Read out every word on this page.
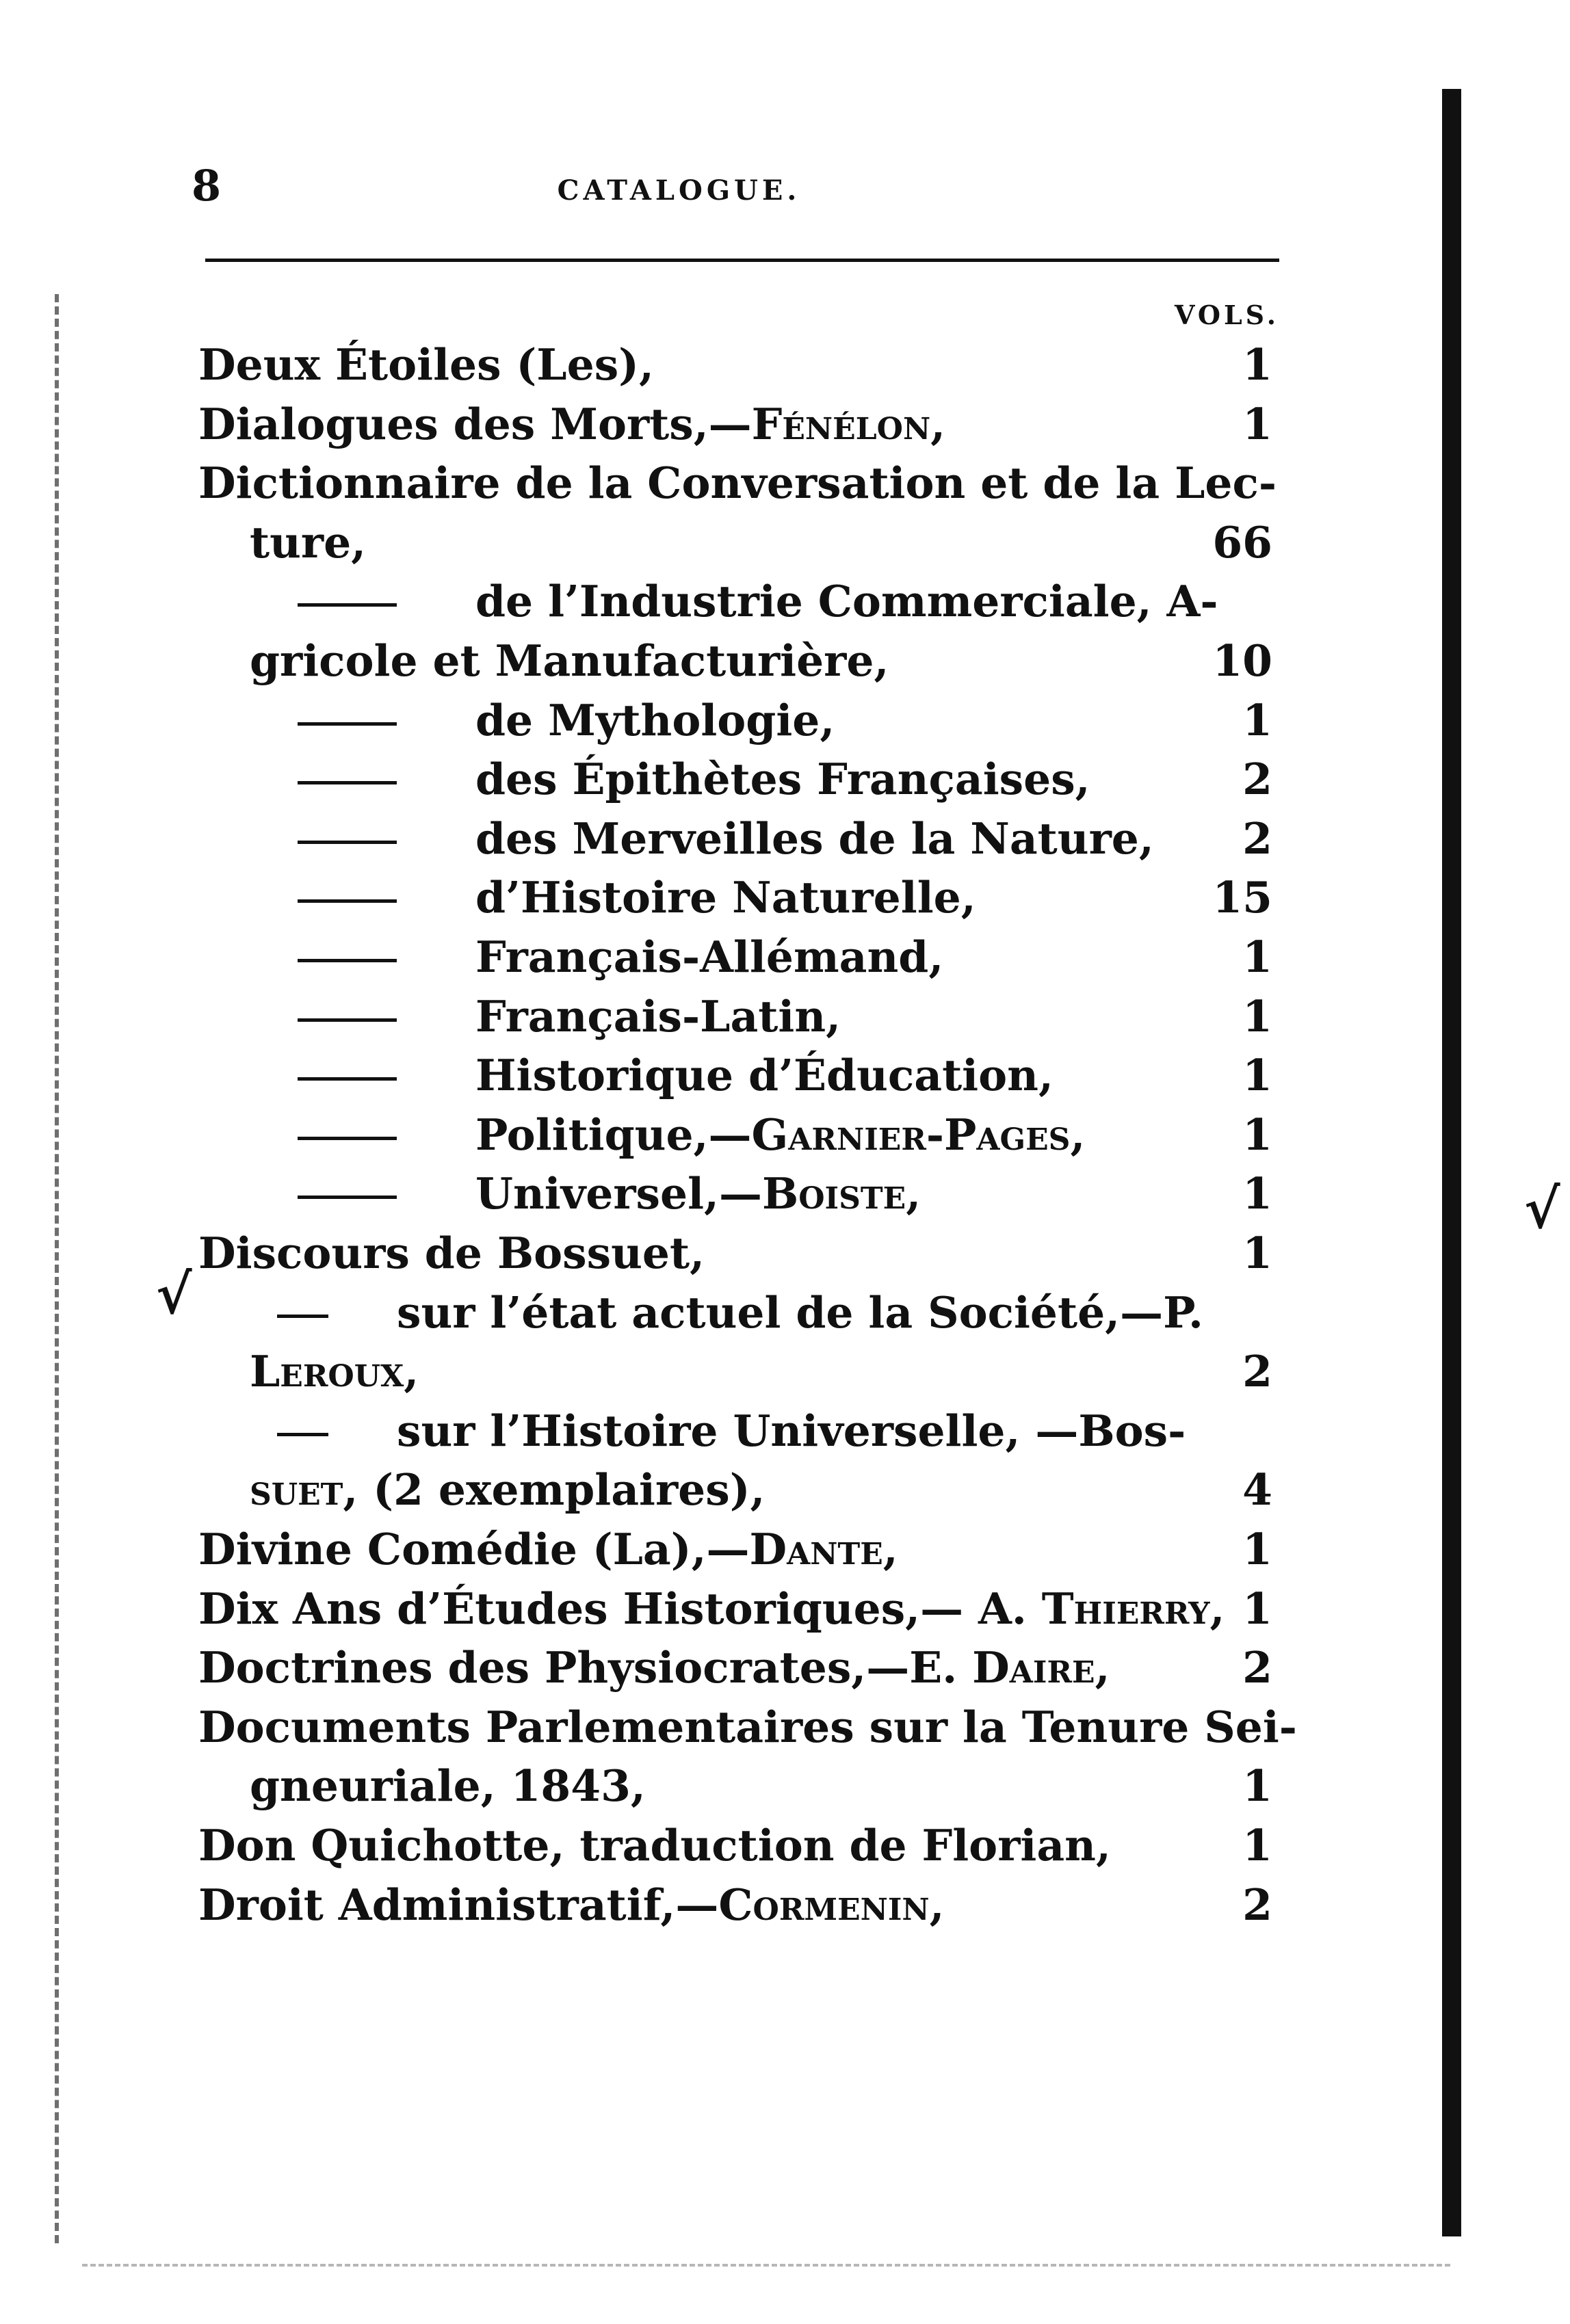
8	CATALOGUE.
VOLS.
Deux Étoiles (Les),	1
Dialogues des Morts,—Fénélon,	1
Dictionnaire de la Conversation et de la Lec-
ture,	66
de l’Industrie Commerciale, A-
gricole et Manufacturière,	10
de Mythologie,	1
des Épithètes Françaises,	2
des Merveilles de la Nature,	2
d’Histoire Naturelle,	15
Français-Allémand,	1
Français-Latin,	1
Historique d’Éducation,	1
Politique,—Garnier-Pages,	1
Universel,—Boiste,	1
Discours de Bossuet,	1
sur l’état actuel de la Société,—P.
Leroux,	2
sur l’Histoire Universelle, —Bos-
suet, (2 exemplaires),	4
Divine Comédie (La),—Dante,	1
Dix Ans d’Études Historiques,— A. Thierry, 1
Doctrines des Physiocrates,—E. Daire,	2
Documents Parlementaires sur la Tenure Sei-
gneuriale, 1843,	1
Don Quichotte, traduction de Florian,	1
Droit Administratif,—Cormenin,	2
√
√
